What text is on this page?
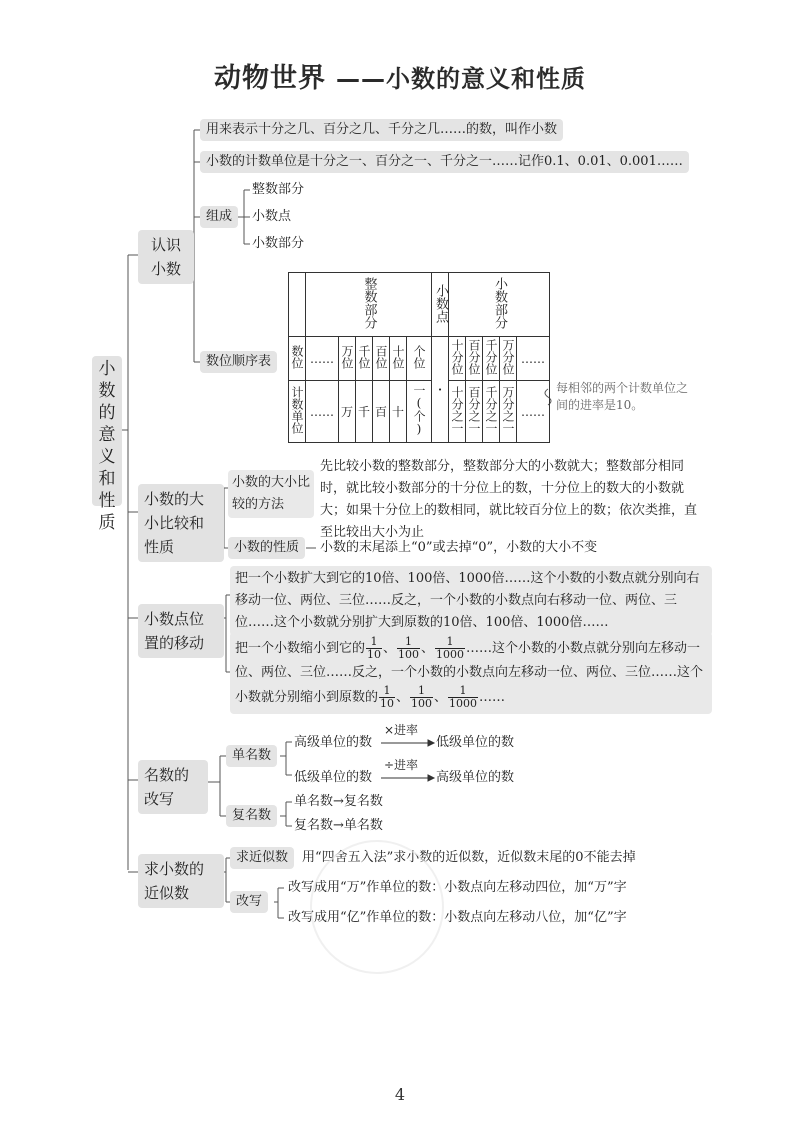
动物世界 ——小数的意义和性质
小
数
的
意
义
和
性
质
认识
小数
用来表示十分之几、百分之几、千分之几……的数，叫作小数
小数的计数单位是十分之一、百分之一、千分之一……记作0.1、0.01、0.001……
组成
整数部分
小数点
小数部分
数位顺序表
	整数部分						小数点	小数部分				
数位	……	万位	千位	百位	十位	个位	·	十分位	百分位	千分位	万分位	……
计数单位	……	万	千	百	十	一(个)		十分之一	百分之一	千分之一	万分之一	……
每相邻的两个计数单位之间的进率是10。
小数的大小比较和性质
小数的大小比较的方法
先比较小数的整数部分，整数部分大的小数就大；整数部分相同时，就比较小数部分的十分位上的数，十分位上的数大的小数就大；如果十分位上的数相同，就比较百分位上的数；依次类推，直至比较出大小为止
小数的性质	小数的末尾添上“0”或去掉“0”，小数的大小不变
小数点位置的移动
把一个小数扩大到它的10倍、100倍、1000倍……这个小数的小数点就分别向右移动一位、两位、三位……反之，一个小数的小数点向右移动一位、两位、三位……这个小数就分别扩大到原数的10倍、100倍、1000倍……
把一个小数缩小到它的 $\frac{1}{10}$ 、 $\frac{1}{100}$ 、 $\frac{1}{1000}$ ……这个小数的小数点就分别向左移动一位、两位、三位……反之，一个小数的小数点向左移动一位、两位、三位……这个小数就分别缩小到原数的 $\frac{1}{10}$ 、 $\frac{1}{100}$ 、 $\frac{1}{1000}$ ……
名数的改写
单名数
高级单位的数
×进率
低级单位的数
低级单位的数
÷进率
高级单位的数
复名数
单名数→复名数
复名数→单名数
求小数的近似数
求近似数	用“四舍五入法”求小数的近似数，近似数末尾的0不能去掉
改写
改写成用“万”作单位的数：小数点向左移动四位，加“万”字
改写成用“亿”作单位的数：小数点向左移动八位，加“亿”字
4
